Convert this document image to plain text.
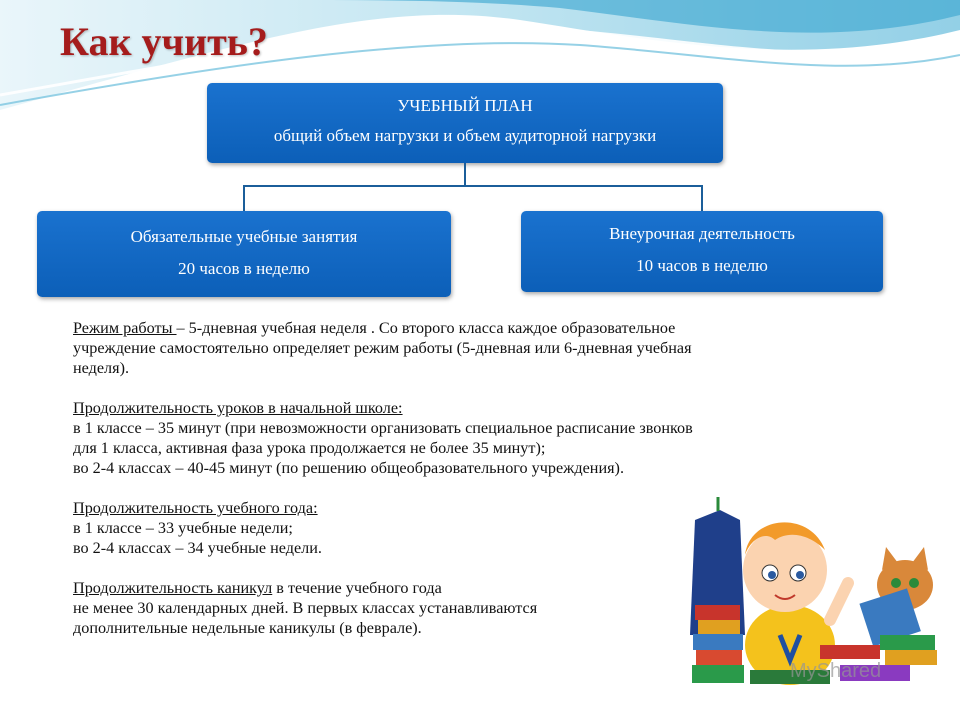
Как учить?
УЧЕБНЫЙ ПЛАН
общий объем нагрузки и объем аудиторной нагрузки
Обязательные учебные занятия
20 часов в неделю
Внеурочная деятельность
10 часов в неделю
Режим работы – 5-дневная учебная неделя . Со второго класса каждое образовательное
учреждение самостоятельно определяет режим работы (5-дневная или 6-дневная учебная
неделя).
Продолжительность уроков в начальной школе:
в 1 классе – 35 минут (при невозможности организовать специальное расписание звонков
для 1 класса, активная фаза урока продолжается не более 35 минут);
во 2-4 классах – 40-45 минут (по решению общеобразовательного учреждения).
Продолжительность учебного года:
в 1 классе – 33 учебные недели;
во 2-4 классах – 34 учебные недели.
Продолжительность каникул в течение учебного года
не менее 30 календарных дней. В первых классах устанавливаются
дополнительные недельные каникулы (в феврале).
MyShared
